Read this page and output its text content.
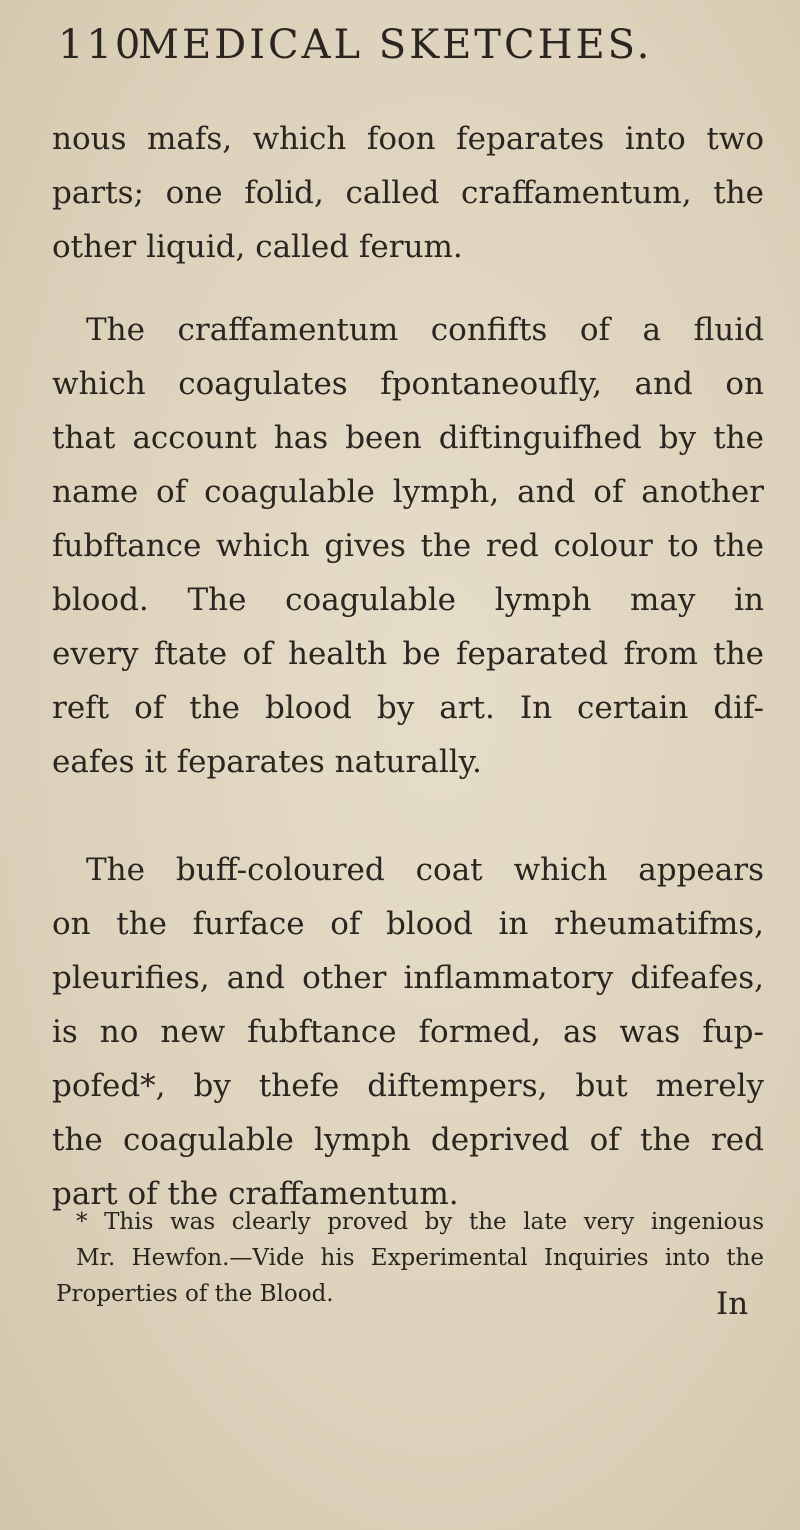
110MEDICAL SKETCHES.
nous mafs, which foon feparates into two
parts; one folid, called craffamentum, the
other liquid, called ferum.
The craffamentum confifts of a fluid
which coagulates fpontaneoufly, and on
that account has been diftinguifhed by the
name of coagulable lymph, and of another
fubftance which gives the red colour to the
blood. The coagulable lymph may in
every ftate of health be feparated from the
reft of the blood by art. In certain dif-
eafes it feparates naturally.
The buff-coloured coat which appears
on the furface of blood in rheumatifms,
pleurifies, and other inflammatory difeafes,
is no new fubftance formed, as was fup-
pofed*, by thefe diftempers, but merely
the coagulable lymph deprived of the red
part of the craffamentum.
* This was clearly proved by the late very ingenious
Mr. Hewfon.—Vide his Experimental Inquiries into the
Properties of the Blood.	In
